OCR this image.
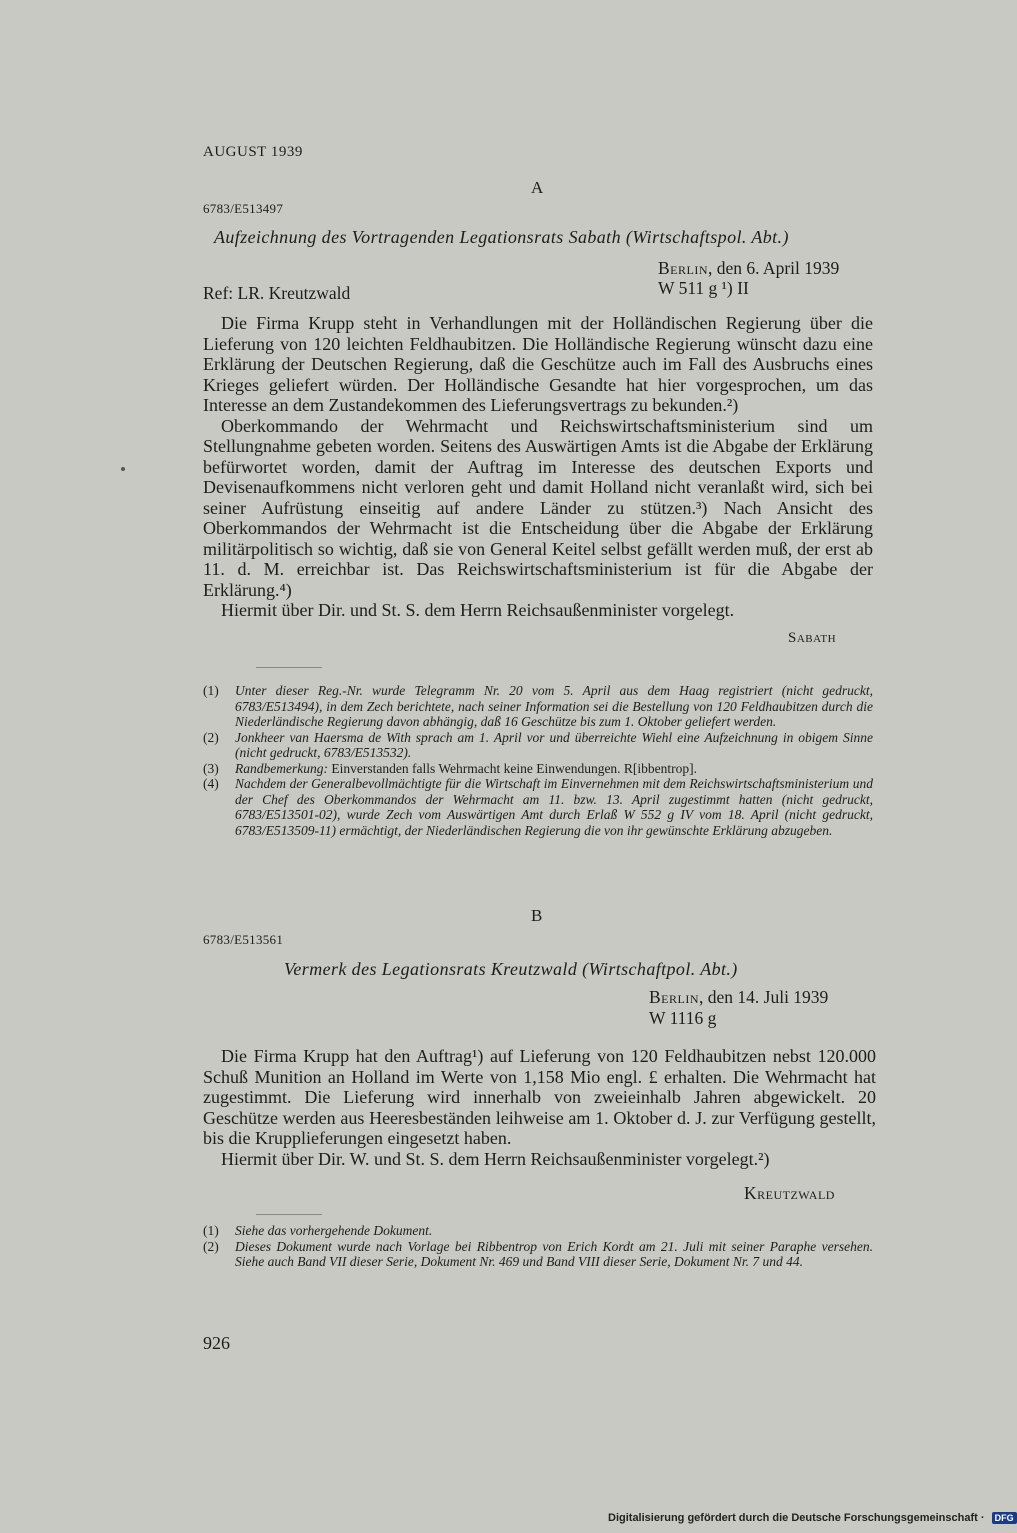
AUGUST 1939
A
6783/E513497
Aufzeichnung des Vortragenden Legationsrats Sabath (Wirtschaftspol. Abt.)
Berlin, den 6. April 1939
Ref: LR. Kreutzwald	W 511 g ¹) II

Die Firma Krupp steht in Verhandlungen mit der Holländischen Regierung über die Lieferung von 120 leichten Feldhaubitzen. Die Holländische Regierung wünscht dazu eine Erklärung der Deutschen Regierung, daß die Geschütze auch im Fall des Ausbruchs eines Krieges geliefert würden. Der Holländische Gesandte hat hier vorgesprochen, um das Interesse an dem Zustandekommen des Lieferungsvertrags zu bekunden.²)

Oberkommando der Wehrmacht und Reichswirtschaftsministerium sind um Stellungnahme gebeten worden. Seitens des Auswärtigen Amts ist die Abgabe der Erklärung befürwortet worden, damit der Auftrag im Interesse des deutschen Exports und Devisenaufkommens nicht verloren geht und damit Holland nicht veranlaßt wird, sich bei seiner Aufrüstung einseitig auf andere Länder zu stützen.³) Nach Ansicht des Oberkommandos der Wehrmacht ist die Entscheidung über die Abgabe der Erklärung militärpolitisch so wichtig, daß sie von General Keitel selbst gefällt werden muß, der erst ab 11. d. M. erreichbar ist. Das Reichswirtschaftsministerium ist für die Abgabe der Erklärung.⁴)

Hiermit über Dir. und St. S. dem Herrn Reichsaußenminister vorgelegt.

Sabath
(1)	Unter dieser Reg.-Nr. wurde Telegramm Nr. 20 vom 5. April aus dem Haag registriert (nicht gedruckt, 6783/E513494), in dem Zech berichtete, nach seiner Information sei die Bestellung von 120 Feldhaubitzen durch die Niederländische Regierung davon abhängig, daß 16 Geschütze bis zum 1. Oktober geliefert werden.
(2)	Jonkheer van Haersma de With sprach am 1. April vor und überreichte Wiehl eine Aufzeichnung in obigem Sinne (nicht gedruckt, 6783/E513532).
(3)	Randbemerkung: Einverstanden falls Wehrmacht keine Einwendungen. R[ibbentrop].
(4)	Nachdem der Generalbevollmächtigte für die Wirtschaft im Einvernehmen mit dem Reichswirtschaftsministerium und der Chef des Oberkommandos der Wehrmacht am 11. bzw. 13. April zugestimmt hatten (nicht gedruckt, 6783/E513501-02), wurde Zech vom Auswärtigen Amt durch Erlaß W 552 g IV vom 18. April (nicht gedruckt, 6783/E513509-11) ermächtigt, der Niederländischen Regierung die von ihr gewünschte Erklärung abzugeben.
B
6783/E513561
Vermerk des Legationsrats Kreutzwald (Wirtschaftpol. Abt.)
Berlin, den 14. Juli 1939
W 1116 g

Die Firma Krupp hat den Auftrag¹) auf Lieferung von 120 Feldhaubitzen nebst 120.000 Schuß Munition an Holland im Werte von 1,158 Mio engl. £ erhalten. Die Wehrmacht hat zugestimmt. Die Lieferung wird innerhalb von zweieinhalb Jahren abgewickelt. 20 Geschütze werden aus Heeresbeständen leihweise am 1. Oktober d. J. zur Verfügung gestellt, bis die Krupplieferungen eingesetzt haben.

Hiermit über Dir. W. und St. S. dem Herrn Reichsaußenminister vorgelegt.²)

Kreutzwald
(1)	Siehe das vorhergehende Dokument.
(2)	Dieses Dokument wurde nach Vorlage bei Ribbentrop von Erich Kordt am 21. Juli mit seiner Paraphe versehen. Siehe auch Band VII dieser Serie, Dokument Nr. 469 und Band VIII dieser Serie, Dokument Nr. 7 und 44.
926
Digitalisierung gefördert durch die Deutsche Forschungsgemeinschaft · DFG
